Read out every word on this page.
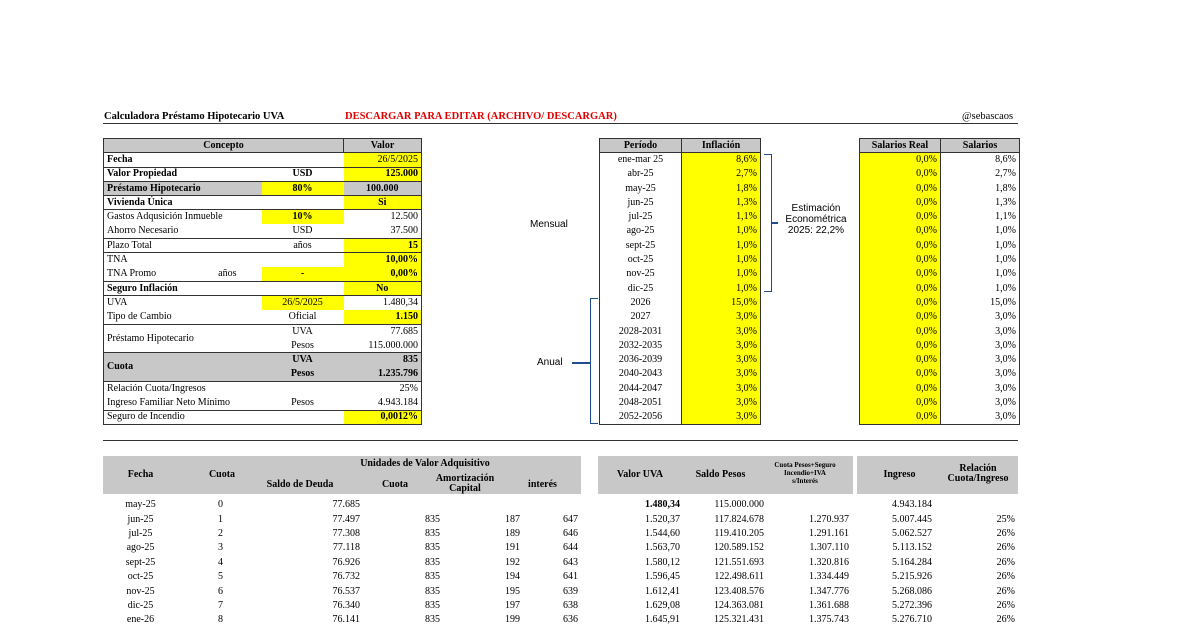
Calculadora Préstamo Hipotecario UVA	DESCARGAR PARA EDITAR (ARCHIVO/ DESCARGAR)	@sebascaos
Concepto		Valor
Fecha		26/5/2025
Valor Propiedad	USD	125.000
Préstamo Hipotecario	80%	100.000
Vivienda Única		Si
Gastos Adqusición Inmueble	10%	12.500
Ahorro Necesario	USD	37.500
Plazo Total	años	15
TNA		10,00%
TNA Promo años	-	0,00%
Seguro Inflación		No
UVA	26/5/2025	1.480,34
Tipo de Cambio	Oficial	1.150
Préstamo Hipotecario	UVA	77.685
	Pesos	115.000.000
Cuota	UVA	835
	Pesos	1.235.796
Relación Cuota/Ingresos		25%
Ingreso Familiar Neto Mínimo	Pesos	4.943.184
Seguro de Incendio		0,0012%
Período	Inflación
ene-mar 25	8,6%
abr-25	2,7%
may-25	1,8%
jun-25	1,3%
jul-25	1,1%
ago-25	1,0%
sept-25	1,0%
oct-25	1,0%
nov-25	1,0%
dic-25	1,0%
2026	15,0%
2027	3,0%
2028-2031	3,0%
2032-2035	3,0%
2036-2039	3,0%
2040-2043	3,0%
2044-2047	3,0%
2048-2051	3,0%
2052-2056	3,0%
Mensual
Anual
Estimación
Econométrica
2025: 22,2%
Salarios Real	Salarios
0,0%	8,6%
0,0%	2,7%
0,0%	1,8%
0,0%	1,3%
0,0%	1,1%
0,0%	1,0%
0,0%	1,0%
0,0%	1,0%
0,0%	1,0%
0,0%	1,0%
0,0%	15,0%
0,0%	3,0%
0,0%	3,0%
0,0%	3,0%
0,0%	3,0%
0,0%	3,0%
0,0%	3,0%
0,0%	3,0%
0,0%	3,0%
Fecha	Cuota
Unidades de Valor Adquisitivo
Saldo de Deuda	Cuota
Amortización
Capital	interés
Valor UVA	Saldo Pesos
Cuota Pesos+Seguro
Incendio+IVA
s/Interés
Ingreso
Relación
Cuota/Ingreso
may-25	0	77.685				1.480,34	115.000.000		4.943.184	
jun-25	1	77.497	835	187	647	1.520,37	117.824.678	1.270.937	5.007.445	25%
jul-25	2	77.308	835	189	646	1.544,60	119.410.205	1.291.161	5.062.527	26%
ago-25	3	77.118	835	191	644	1.563,70	120.589.152	1.307.110	5.113.152	26%
sept-25	4	76.926	835	192	643	1.580,12	121.551.693	1.320.816	5.164.284	26%
oct-25	5	76.732	835	194	641	1.596,45	122.498.611	1.334.449	5.215.926	26%
nov-25	6	76.537	835	195	639	1.612,41	123.408.576	1.347.776	5.268.086	26%
dic-25	7	76.340	835	197	638	1.629,08	124.363.081	1.361.688	5.272.396	26%
ene-26	8	76.141	835	199	636	1.645,91	125.321.431	1.375.743	5.276.710	26%
